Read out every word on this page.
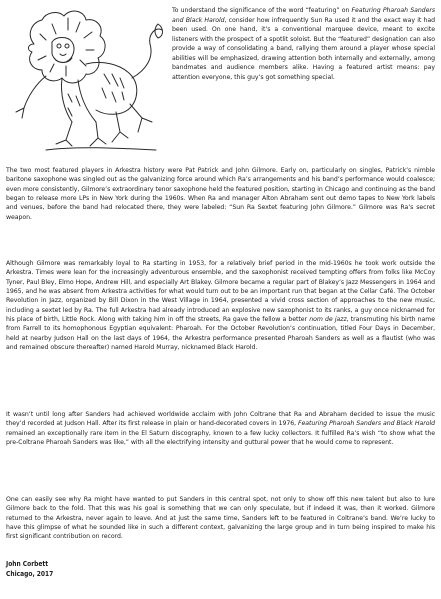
To understand the significance of the word “featuring” on Featuring Pharoah Sanders and Black Harold, consider how infrequently Sun Ra used it and the exact way it had been used. On one hand, it’s a conventional marquee device, meant to excite listeners with the prospect of a spotlit soloist. But the “featured” designation can also provide a way of consolidating a band, rallying them around a player whose special abilities will be emphasized, drawing attention both internally and externally, among bandmates and audience members alike. Having a featured artist means: pay attention everyone, this guy’s got something special.

The two most featured players in Arkestra history were Pat Patrick and John Gilmore. Early on, particularly on singles, Patrick’s nimble baritone saxophone was singled out as the galvanizing force around which Ra’s arrangements and his band’s performance would coalesce; even more consistently, Gilmore’s extraordinary tenor saxophone held the featured position, starting in Chicago and continuing as the band began to release more LPs in New York during the 1960s. When Ra and manager Alton Abraham sent out demo tapes to New York labels and venues, before the band had relocated there, they were labeled: “Sun Ra Sextet featuring John Gilmore.” Gilmore was Ra’s secret weapon.

Although Gilmore was remarkably loyal to Ra starting in 1953, for a relatively brief period in the mid-1960s he took work outside the Arkestra. Times were lean for the increasingly adventurous ensemble, and the saxophonist received tempting offers from folks like McCoy Tyner, Paul Bley, Elmo Hope, Andrew Hill, and especially Art Blakey. Gilmore became a regular part of Blakey’s Jazz Messengers in 1964 and 1965, and he was absent from Arkestra activities for what would turn out to be an important run that began at the Cellar Café. The October Revolution in Jazz, organized by Bill Dixon in the West Village in 1964, presented a vivid cross section of approaches to the new music, including a sextet led by Ra. The full Arkestra had already introduced an explosive new saxophonist to its ranks, a guy once nicknamed for his place of birth, Little Rock. Along with taking him in off the streets, Ra gave the fellow a better nom de jazz, transmuting his birth name from Farrell to its homophonous Egyptian equivalent: Pharoah. For the October Revolution’s continuation, titled Four Days in December, held at nearby Judson Hall on the last days of 1964, the Arkestra performance presented Pharoah Sanders as well as a flautist (who was and remained obscure thereafter) named Harold Murray, nicknamed Black Harold.

It wasn’t until long after Sanders had achieved worldwide acclaim with John Coltrane that Ra and Abraham decided to issue the music they’d recorded at Judson Hall. After its first release in plain or hand-decorated covers in 1976, Featuring Pharoah Sanders and Black Harold remained an exceptionally rare item in the El Saturn discography, known to a few lucky collectors. It fulfilled Ra’s wish “to show what the pre-Coltrane Pharoah Sanders was like,” with all the electrifying intensity and guttural power that he would come to represent.

One can easily see why Ra might have wanted to put Sanders in this central spot, not only to show off this new talent but also to lure Gilmore back to the fold. That this was his goal is something that we can only speculate, but if indeed it was, then it worked. Gilmore returned to the Arkestra, never again to leave. And at just the same time, Sanders left to be featured in Coltrane’s band. We’re lucky to have this glimpse of what he sounded like in such a different context, galvanizing the large group and in turn being inspired to make his first significant contribution on record.

John Corbett
Chicago, 2017
